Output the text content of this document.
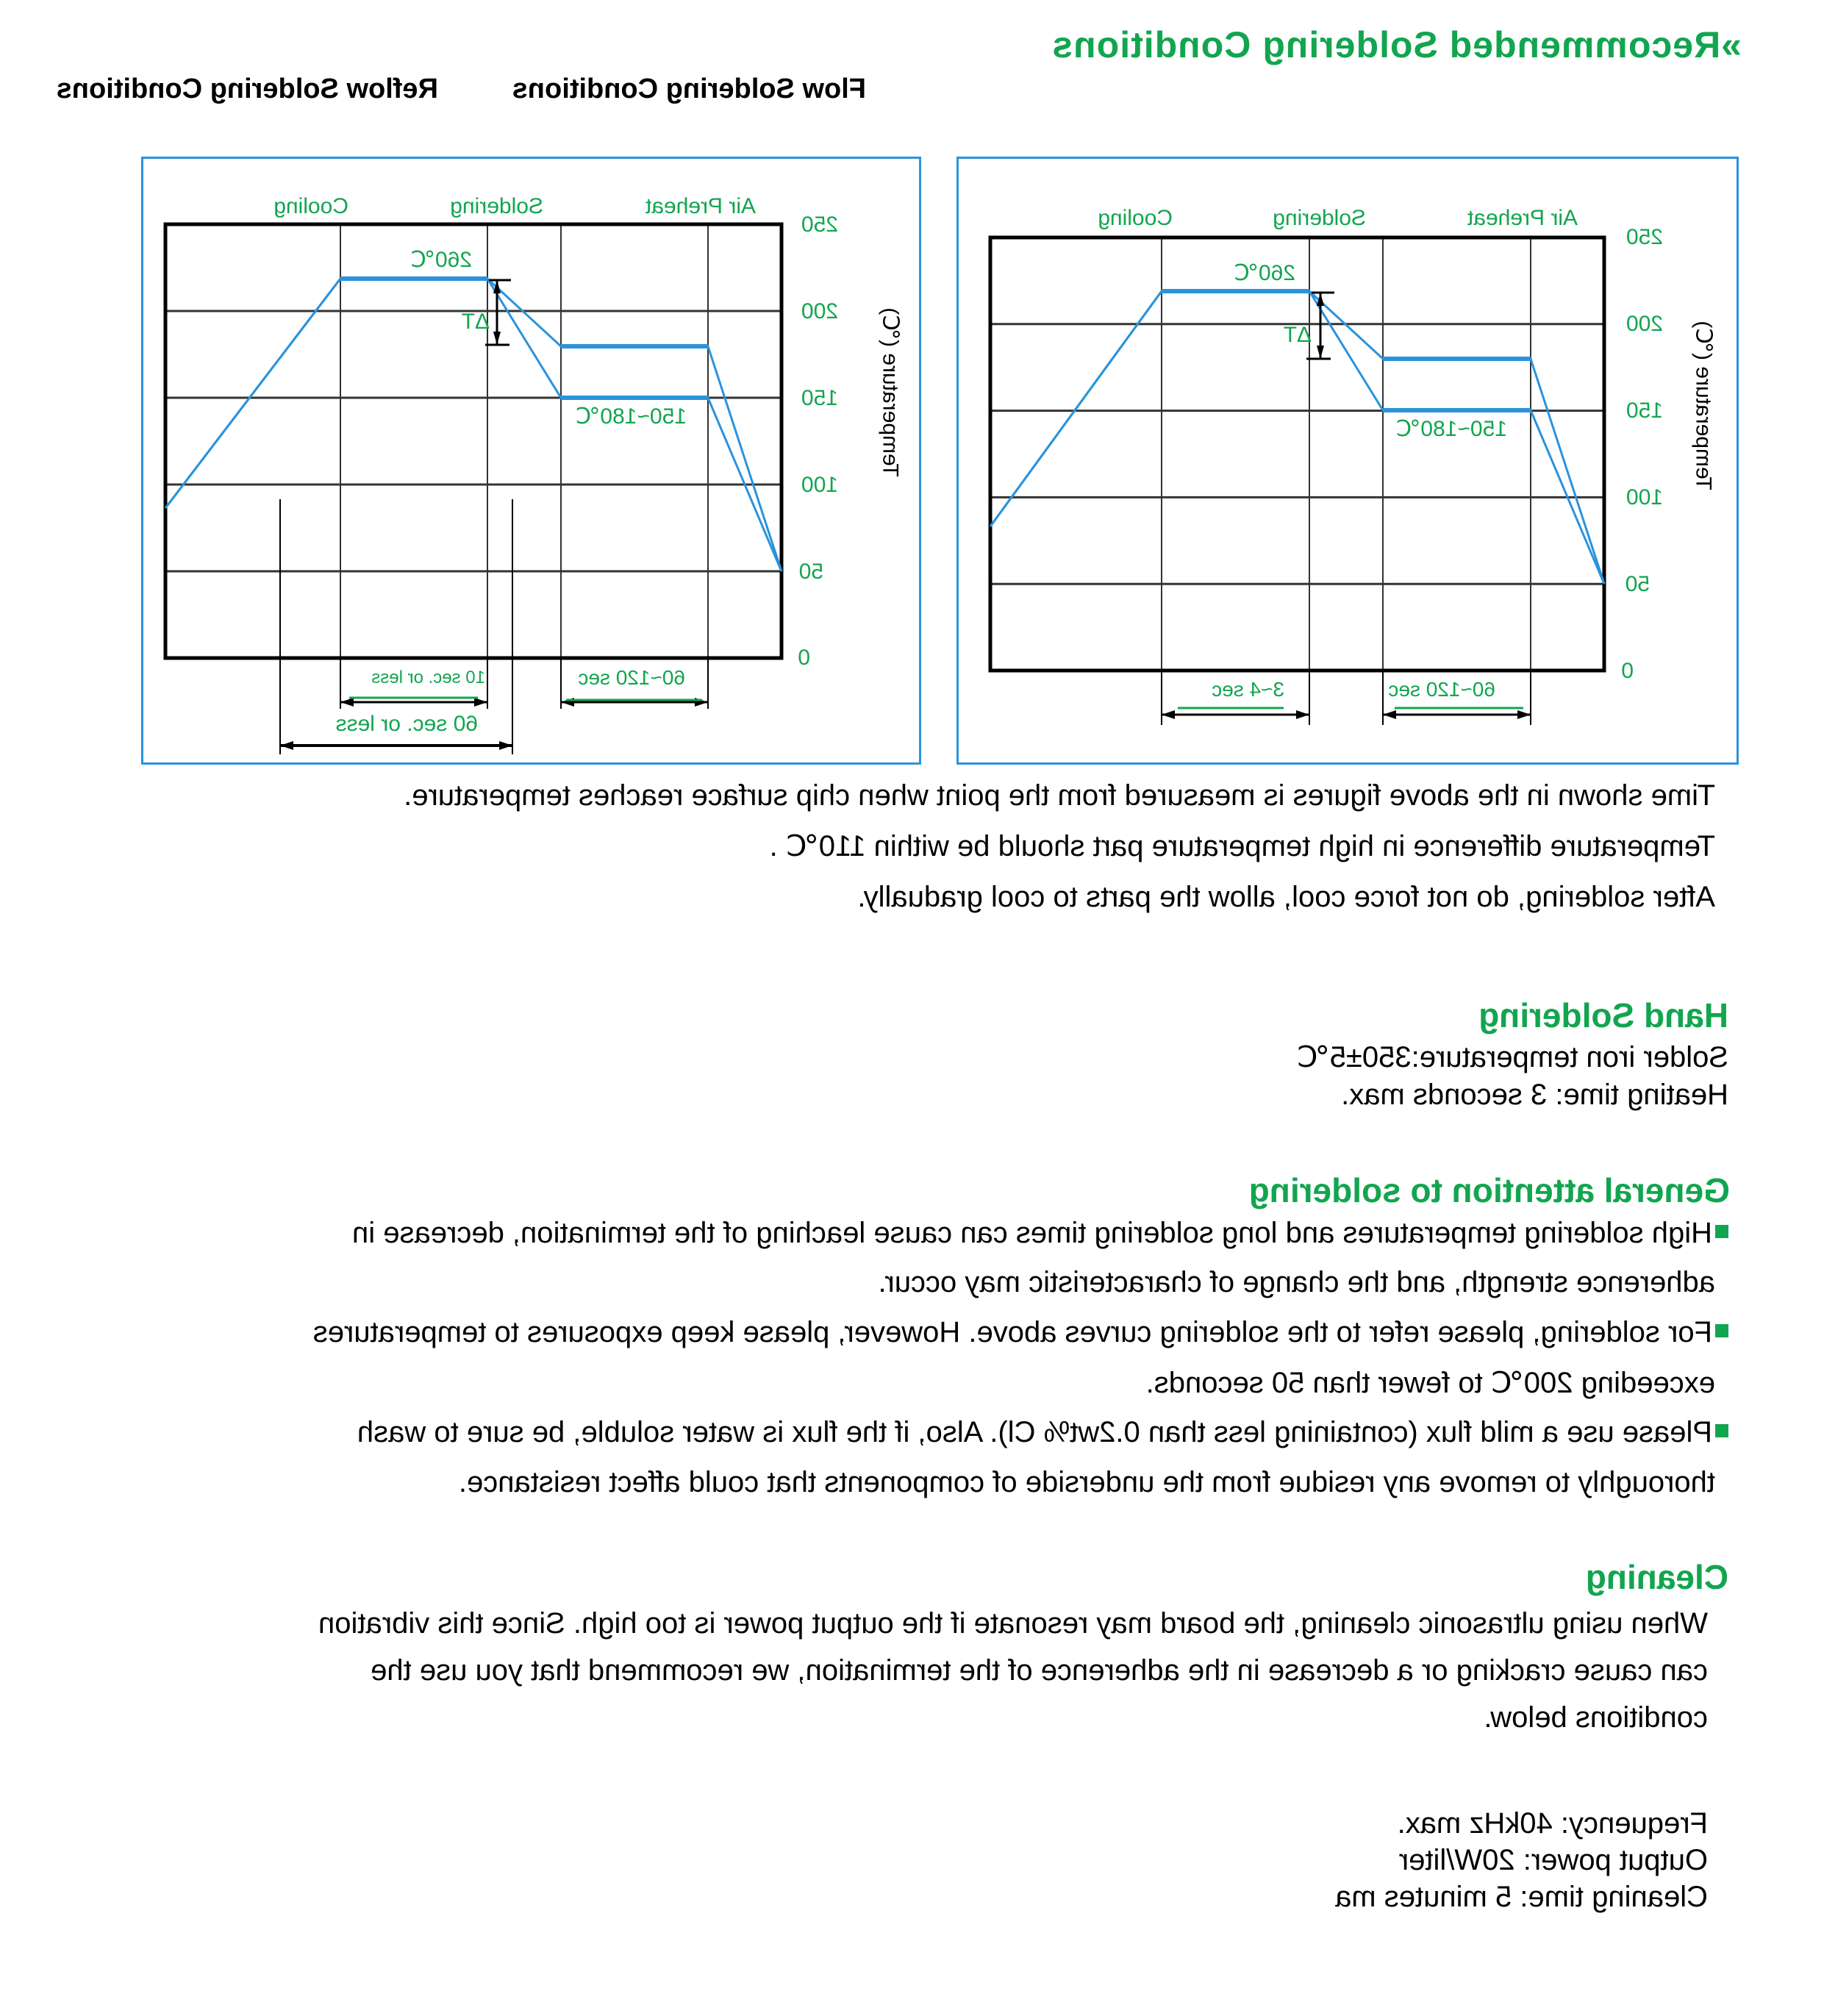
»Recommended Soldering Conditions
Flow Soldering Conditions
Reflow Soldering Conditions
Air Preheat
Soldering
Cooling
260℃
ΔT
150~180℃
60~120 sec
3~4 sec
0
50
100
150
200
250
Temperature (℃)
Air Preheat
Soldering
Cooling
260℃
ΔT
150~180℃
60~120 sec
10 sec. or less
60 sec. or less
0
50
100
150
200
250
Temperature (℃)
Time shown in the above figures is measured from the point when chip surface reaches temperature.
Temperature difference in high temperature part should be within 110℃ .
After soldering, do not force cool, allow the parts to cool gradually.
Hand Soldering
Solder iron temperature:350±5℃
Heating time: 3 seconds max.
General attention to soldering
High soldering temperatures and long soldering times can cause leaching of the termination, decrease in
adherence strength, and the change of characteristic may occur.
For soldering, please refer to the soldering curves above. However, please keep exposures to temperatures
exceeding 200℃ to fewer than 50 seconds.
Please use a mild flux (containing less than 0.2wt% Cl). Also, if the flux is water soluble, be sure to wash
thoroughly to remove any residue from the underside of components that could affect resistance.
Cleaning
When using ultrasonic cleaning, the board may resonate if the output power is too high. Since this vibration
can cause cracking or a decrease in the adherence of the termination, we recommend that you use the
conditions below.
Frequency: 40kHz max.
Output power: 20W/liter
Cleaning time: 5 minutes ma
